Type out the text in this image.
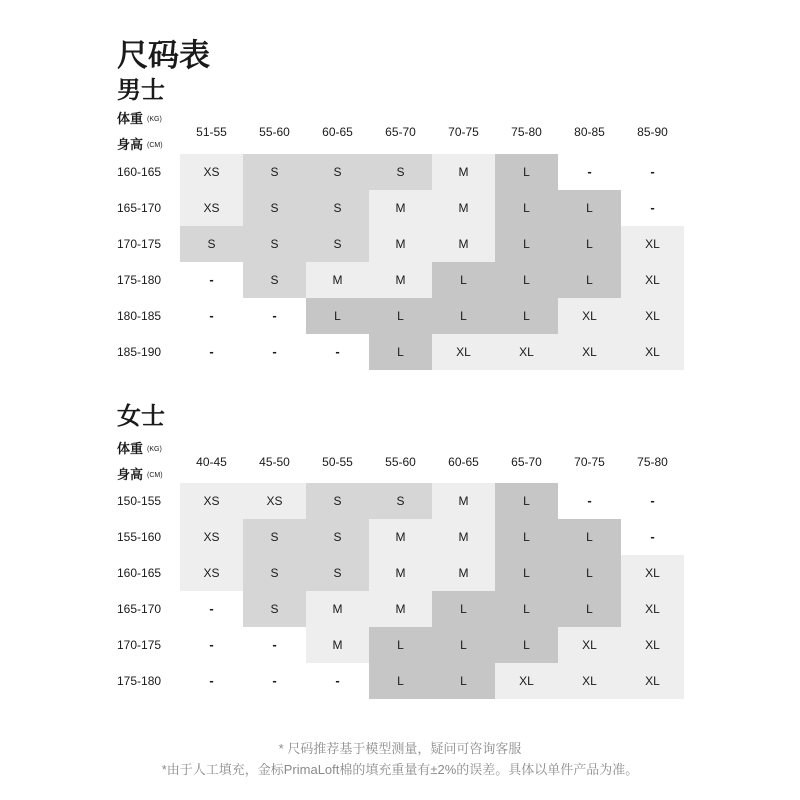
尺码表
男士
体重 (KG)
身高 (CM)
51-55	55-60	60-65	65-70	70-75	75-80	80-85	85-90
160-165	XS	S	S	S	M	L	-	-
165-170	XS	S	S	M	M	L	L	-
170-175	S	S	S	M	M	L	L	XL
175-180	-	S	M	M	L	L	L	XL
180-185	-	-	L	L	L	L	XL	XL
185-190	-	-	-	L	XL	XL	XL	XL
女士
体重 (KG)
身高 (CM)
40-45	45-50	50-55	55-60	60-65	65-70	70-75	75-80
150-155	XS	XS	S	S	M	L	-	-
155-160	XS	S	S	M	M	L	L	-
160-165	XS	S	S	M	M	L	L	XL
165-170	-	S	M	M	L	L	L	XL
170-175	-	-	M	L	L	L	XL	XL
175-180	-	-	-	L	L	XL	XL	XL
* 尺码推荐基于模型测量，疑问可咨询客服
*由于人工填充，金标PrimaLoft棉的填充重量有±2%的误差。具体以单件产品为准。
